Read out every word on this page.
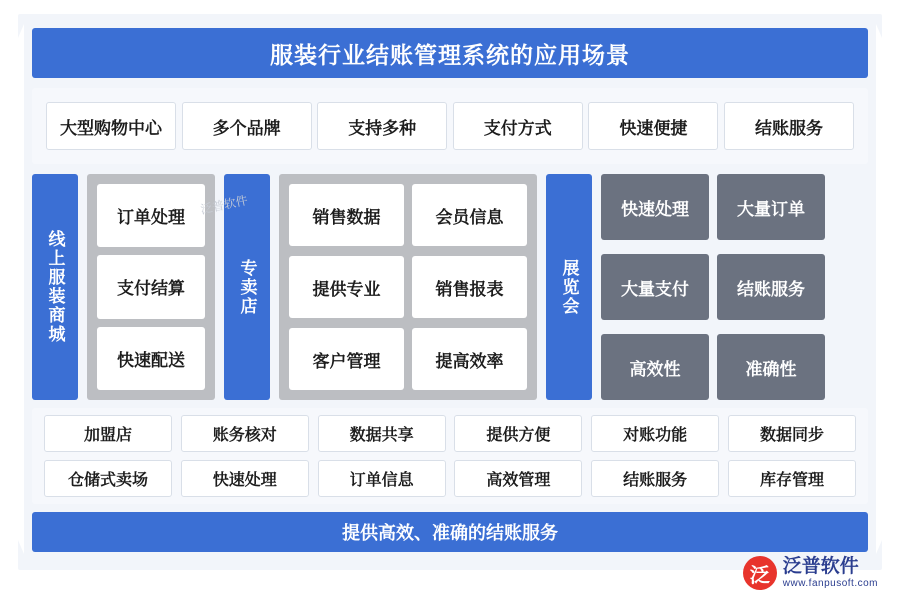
服装行业结账管理系统的应用场景
大型购物中心	多个品牌	支持多种	支付方式	快速便捷	结账服务
线上服装商城
订单处理
支付结算
快速配送
专卖店
销售数据	会员信息
提供专业	销售报表
客户管理	提高效率
展览会
快速处理	大量订单
大量支付	结账服务
高效性	准确性
泛普软件
加盟店	账务核对	数据共享	提供方便	对账功能	数据同步
仓储式卖场	快速处理	订单信息	高效管理	结账服务	库存管理
提供高效、准确的结账服务
泛 泛普软件
www.fanpusoft.com
